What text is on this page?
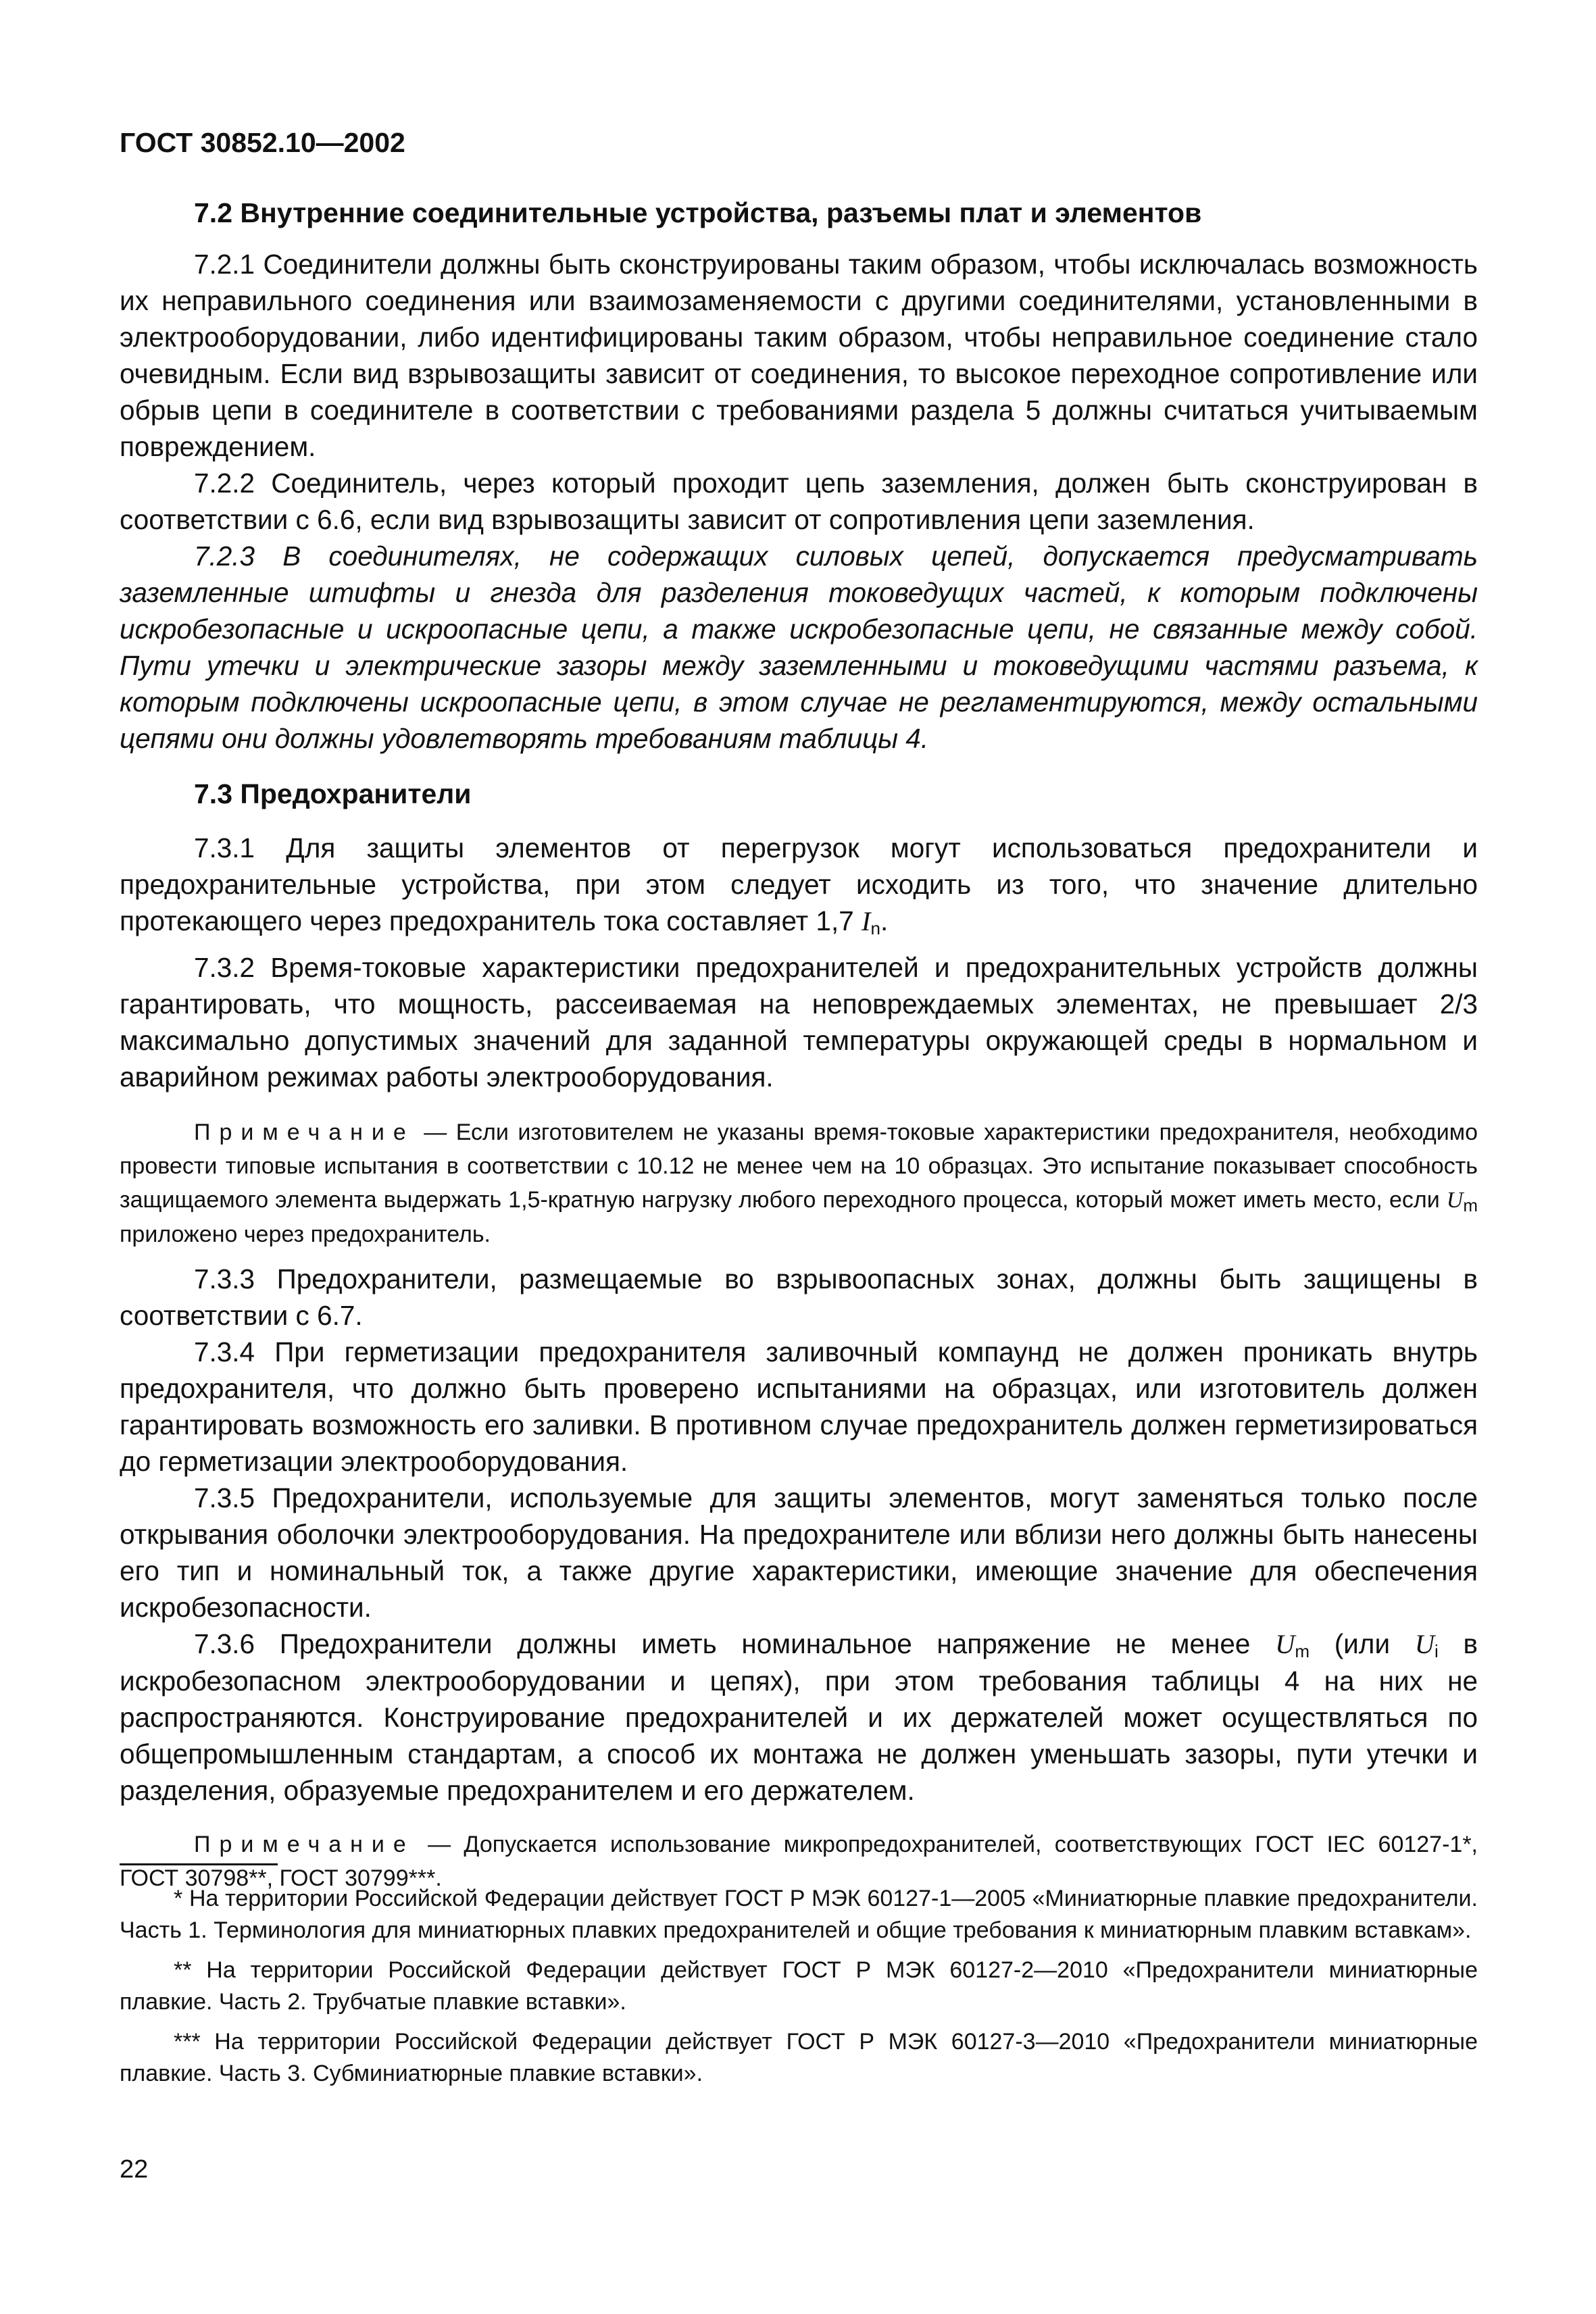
ГОСТ 30852.10—2002
7.2 Внутренние соединительные устройства, разъемы плат и элементов

7.2.1 Соединители должны быть сконструированы таким образом, чтобы исключалась возможность их неправильного соединения или взаимозаменяемости с другими соединителями, установленными в электрооборудовании, либо идентифицированы таким образом, чтобы неправильное соединение стало очевидным. Если вид взрывозащиты зависит от соединения, то высокое переходное сопротивление или обрыв цепи в соединителе в соответствии с требованиями раздела 5 должны считаться учитываемым повреждением.

7.2.2 Соединитель, через который проходит цепь заземления, должен быть сконструирован в соответствии с 6.6, если вид взрывозащиты зависит от сопротивления цепи заземления.

7.2.3 В соединителях, не содержащих силовых цепей, допускается предусматривать заземленные штифты и гнезда для разделения токоведущих частей, к которым подключены искробезопасные и искроопасные цепи, а также искробезопасные цепи, не связанные между собой. Пути утечки и электрические зазоры между заземленными и токоведущими частями разъема, к которым подключены искроопасные цепи, в этом случае не регламентируются, между остальными цепями они должны удовлетворять требованиям таблицы 4.

7.3 Предохранители

7.3.1 Для защиты элементов от перегрузок могут использоваться предохранители и предохранительные устройства, при этом следует исходить из того, что значение длительно протекающего через предохранитель тока составляет 1,7 $I_n$.

7.3.2 Время-токовые характеристики предохранителей и предохранительных устройств должны гарантировать, что мощность, рассеиваемая на неповреждаемых элементах, не превышает 2/3 максимально допустимых значений для заданной температуры окружающей среды в нормальном и аварийном режимах работы электрооборудования.

Примечание — Если изготовителем не указаны время-токовые характеристики предохранителя, необходимо провести типовые испытания в соответствии с 10.12 не менее чем на 10 образцах. Это испытание показывает способность защищаемого элемента выдержать 1,5-кратную нагрузку любого переходного процесса, который может иметь место, если $U_m$ приложено через предохранитель.

7.3.3 Предохранители, размещаемые во взрывоопасных зонах, должны быть защищены в соответствии с 6.7.

7.3.4 При герметизации предохранителя заливочный компаунд не должен проникать внутрь предохранителя, что должно быть проверено испытаниями на образцах, или изготовитель должен гарантировать возможность его заливки. В противном случае предохранитель должен герметизироваться до герметизации электрооборудования.

7.3.5 Предохранители, используемые для защиты элементов, могут заменяться только после открывания оболочки электрооборудования. На предохранителе или вблизи него должны быть нанесены его тип и номинальный ток, а также другие характеристики, имеющие значение для обеспечения искробезопасности.

7.3.6 Предохранители должны иметь номинальное напряжение не менее $U_m$ (или $U_i$ в искробезопасном электрооборудовании и цепях), при этом требования таблицы 4 на них не распространяются. Конструирование предохранителей и их держателей может осуществляться по общепромышленным стандартам, а способ их монтажа не должен уменьшать зазоры, пути утечки и разделения, образуемые предохранителем и его держателем.

Примечание — Допускается использование микропредохранителей, соответствующих ГОСТ IEC 60127-1*, ГОСТ 30798**, ГОСТ 30799***.

* На территории Российской Федерации действует ГОСТ Р МЭК 60127-1—2005 «Миниатюрные плавкие предохранители. Часть 1. Терминология для миниатюрных плавких предохранителей и общие требования к миниатюрным плавким вставкам».

** На территории Российской Федерации действует ГОСТ Р МЭК 60127-2—2010 «Предохранители миниатюрные плавкие. Часть 2. Трубчатые плавкие вставки».

*** На территории Российской Федерации действует ГОСТ Р МЭК 60127-3—2010 «Предохранители миниатюрные плавкие. Часть 3. Субминиатюрные плавкие вставки».

22
